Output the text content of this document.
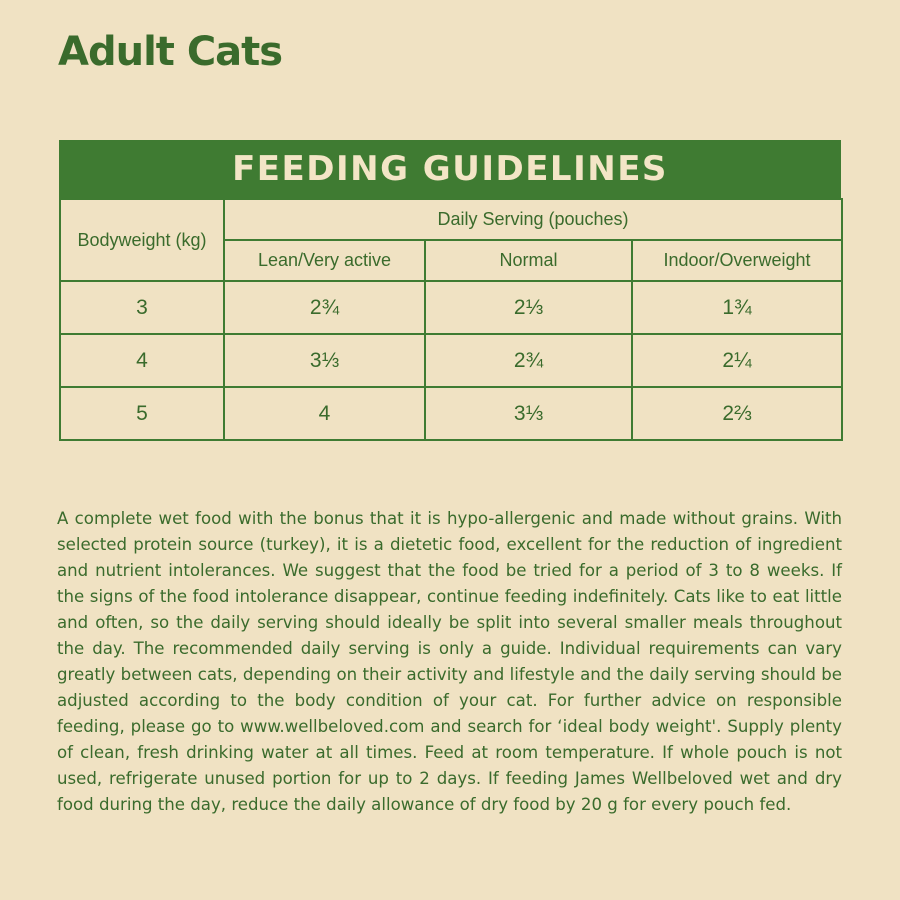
Adult Cats
FEEDING GUIDELINES
Bodyweight (kg)	Daily Serving (pouches)		
	Lean/Very active	Normal	Indoor/Overweight
3	2¾	2⅓	1¾
4	3⅓	2¾	2¼
5	4	3⅓	2⅔

A complete wet food with the bonus that it is hypo-allergenic and made without grains. With selected protein source (turkey), it is a dietetic food, excellent for the reduction of ingredient and nutrient intolerances. We suggest that the food be tried for a period of 3 to 8 weeks. If the signs of the food intolerance disappear, continue feeding indefinitely. Cats like to eat little and often, so the daily serving should ideally be split into several smaller meals throughout the day. The recommended daily serving is only a guide. Individual requirements can vary greatly between cats, depending on their activity and lifestyle and the daily serving should be adjusted according to the body condition of your cat. For further advice on responsible feeding, please go to www.wellbeloved.com and search for ‘ideal body weight'. Supply plenty of clean, fresh drinking water at all times. Feed at room temperature. If whole pouch is not used, refrigerate unused portion for up to 2 days. If feeding James Wellbeloved wet and dry food during the day, reduce the daily allowance of dry food by 20 g for every pouch fed.
